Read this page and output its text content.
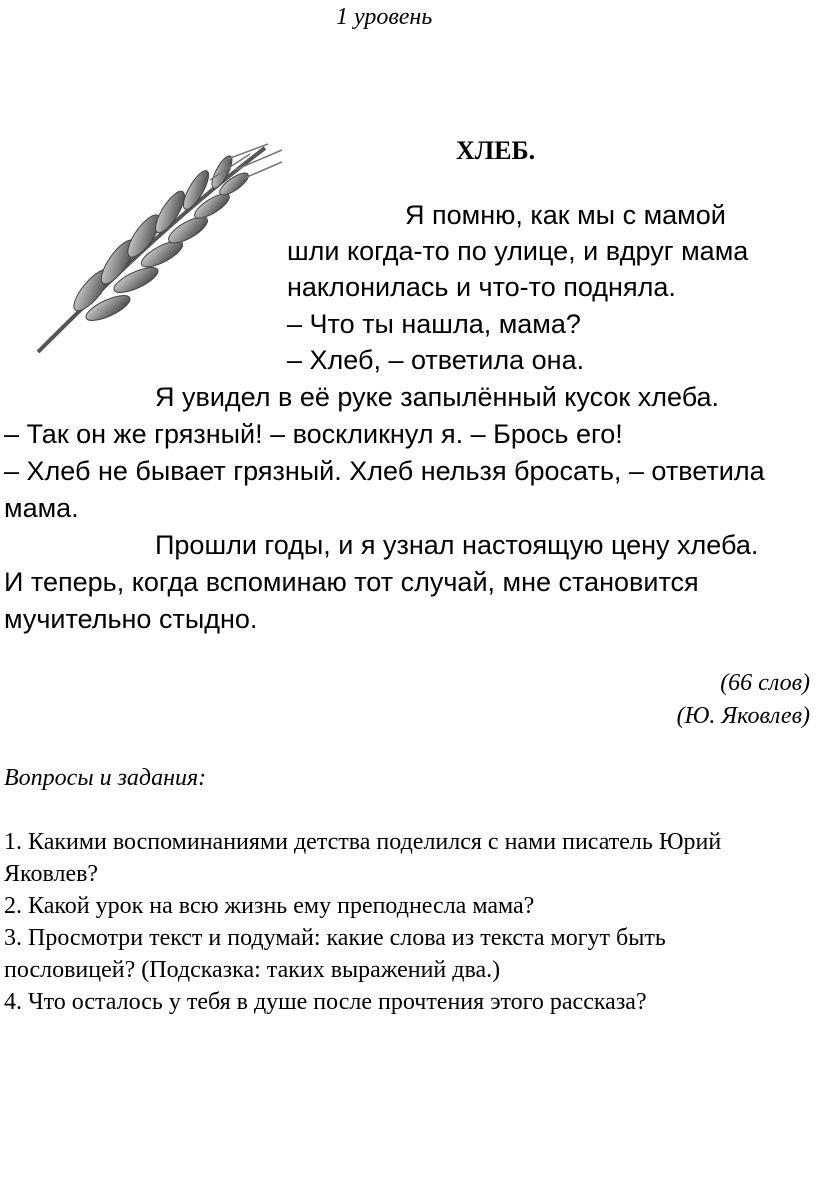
1 уровень
ХЛЕБ.
Я помню, как мы с мамой
шли когда-то по улице, и вдруг мама
наклонилась и что-то подняла.
– Что ты нашла, мама?
– Хлеб, – ответила она.
Я увидел в её руке запылённый кусок хлеба.
– Так он же грязный! – воскликнул я. – Брось его!
– Хлеб не бывает грязный. Хлеб нельзя бросать, – ответила
мама.
Прошли годы, и я узнал настоящую цену хлеба.
И теперь, когда вспоминаю тот случай, мне становится
мучительно стыдно.
(66 слов)
(Ю. Яковлев)
Вопросы и задания:
1. Какими воспоминаниями детства поделился с нами писатель Юрий
Яковлев?
2. Какой урок на всю жизнь ему преподнесла мама?
3. Просмотри текст и подумай: какие слова из текста могут быть
пословицей? (Подсказка: таких выражений два.)
4. Что осталось у тебя в душе после прочтения этого рассказа?
